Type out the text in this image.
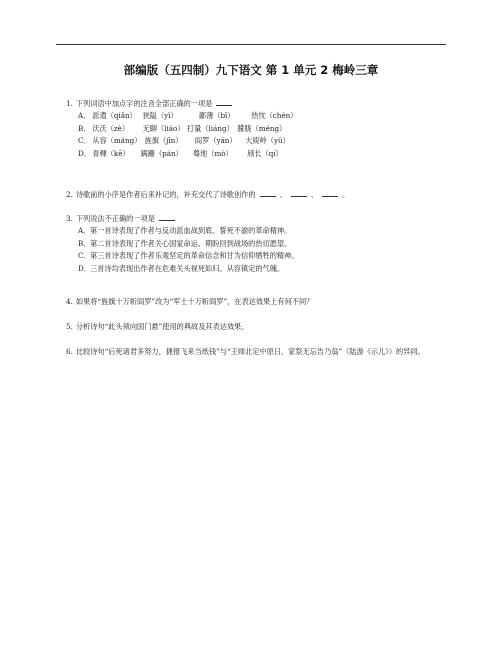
部编版（五四制）九下语文 第 1 单元 2 梅岭三章
1. 下列词语中加点字的注音全部正确的一项是
A． 派遣（qiǎn） 狭隘（yì）	鄙薄（bǐ） 热忱（chén）
B． 沃沃（zè） 无聊（liáo） 打量（liáng） 朦胧（méng）
C． 从容（máng） 旌旗（jīn） 阎罗（yán） 大庾岭（yǔ）
D． 青稞（kē） 蹒跚（pán） 蓦地（mò） 颀长（qí）
2. 诗歌前的小序是作者后来补记的，补充交代了诗歌创作的	、	、	。
3. 下列说法不正确的一项是
A．第一首诗表现了作者与反动派血战到底、誓死不渝的革命精神。
B．第二首诗表现了作者关心国家命运、期盼回到战场的热切愿望。
C．第三首诗表现了作者乐观坚定的革命信念和甘为信仰牺牲的精神。
D．三首诗均表现出作者在危难关头视死如归、从容镇定的气魄。
4. 如果将“旌旗十万斩阎罗”改为“军士十万斩阎罗”，在表达效果上有何不同？
5. 分析诗句“此头须向国门悬”使用的典故及其表达效果。
6. 比较诗句“后死诸君多努力，捷报飞来当纸钱”与“王师北定中原日，家祭无忘告乃翁”（陆游《示儿》）的异同。
